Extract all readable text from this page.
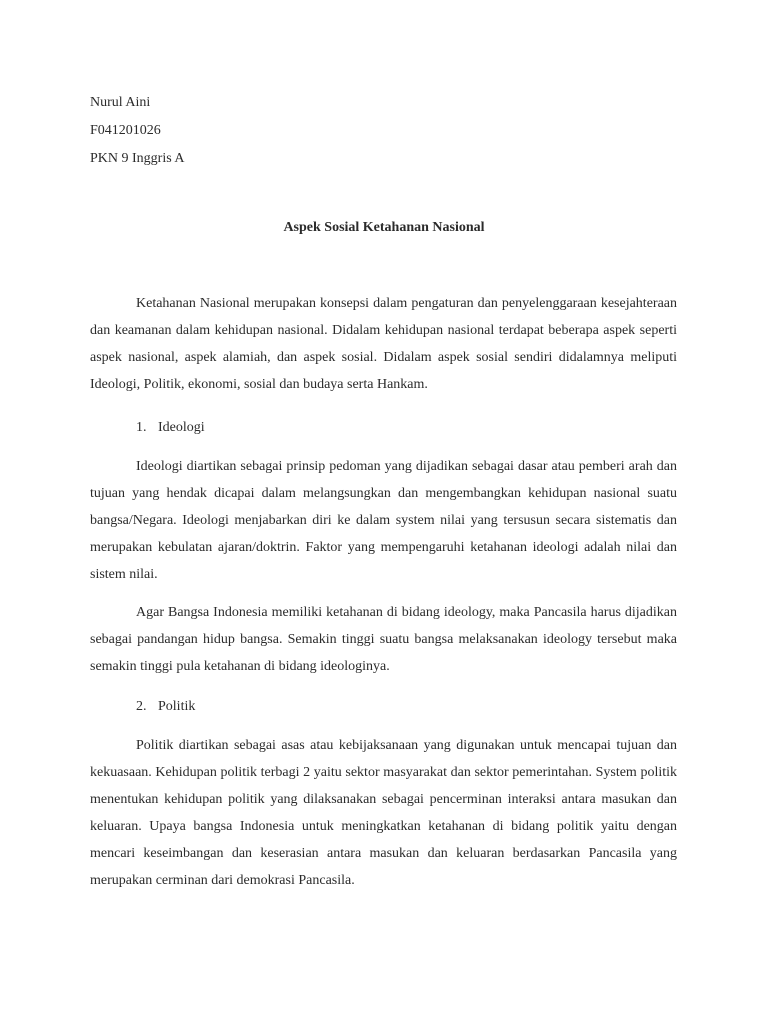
Nurul Aini
F041201026
PKN 9 Inggris A
Aspek Sosial Ketahanan Nasional

Ketahanan Nasional merupakan konsepsi dalam pengaturan dan penyelenggaraan kesejahteraan dan keamanan dalam kehidupan nasional. Didalam kehidupan nasional terdapat beberapa aspek seperti aspek nasional, aspek alamiah, dan aspek sosial. Didalam aspek sosial sendiri didalamnya meliputi Ideologi, Politik, ekonomi, sosial dan budaya serta Hankam.

1. Ideologi

Ideologi diartikan sebagai prinsip pedoman yang dijadikan sebagai dasar atau pemberi arah dan tujuan yang hendak dicapai dalam melangsungkan dan mengembangkan kehidupan nasional suatu bangsa/Negara. Ideologi menjabarkan diri ke dalam system nilai yang tersusun secara sistematis dan merupakan kebulatan ajaran/doktrin. Faktor yang mempengaruhi ketahanan ideologi adalah nilai dan sistem nilai.

Agar Bangsa Indonesia memiliki ketahanan di bidang ideology, maka Pancasila harus dijadikan sebagai pandangan hidup bangsa. Semakin tinggi suatu bangsa melaksanakan ideology tersebut maka semakin tinggi pula ketahanan di bidang ideologinya.

2. Politik

Politik diartikan sebagai asas atau kebijaksanaan yang digunakan untuk mencapai tujuan dan kekuasaan. Kehidupan politik terbagi 2 yaitu sektor masyarakat dan sektor pemerintahan. System politik menentukan kehidupan politik yang dilaksanakan sebagai pencerminan interaksi antara masukan dan keluaran. Upaya bangsa Indonesia untuk meningkatkan ketahanan di bidang politik yaitu dengan mencari keseimbangan dan keserasian antara masukan dan keluaran berdasarkan Pancasila yang merupakan cerminan dari demokrasi Pancasila.
